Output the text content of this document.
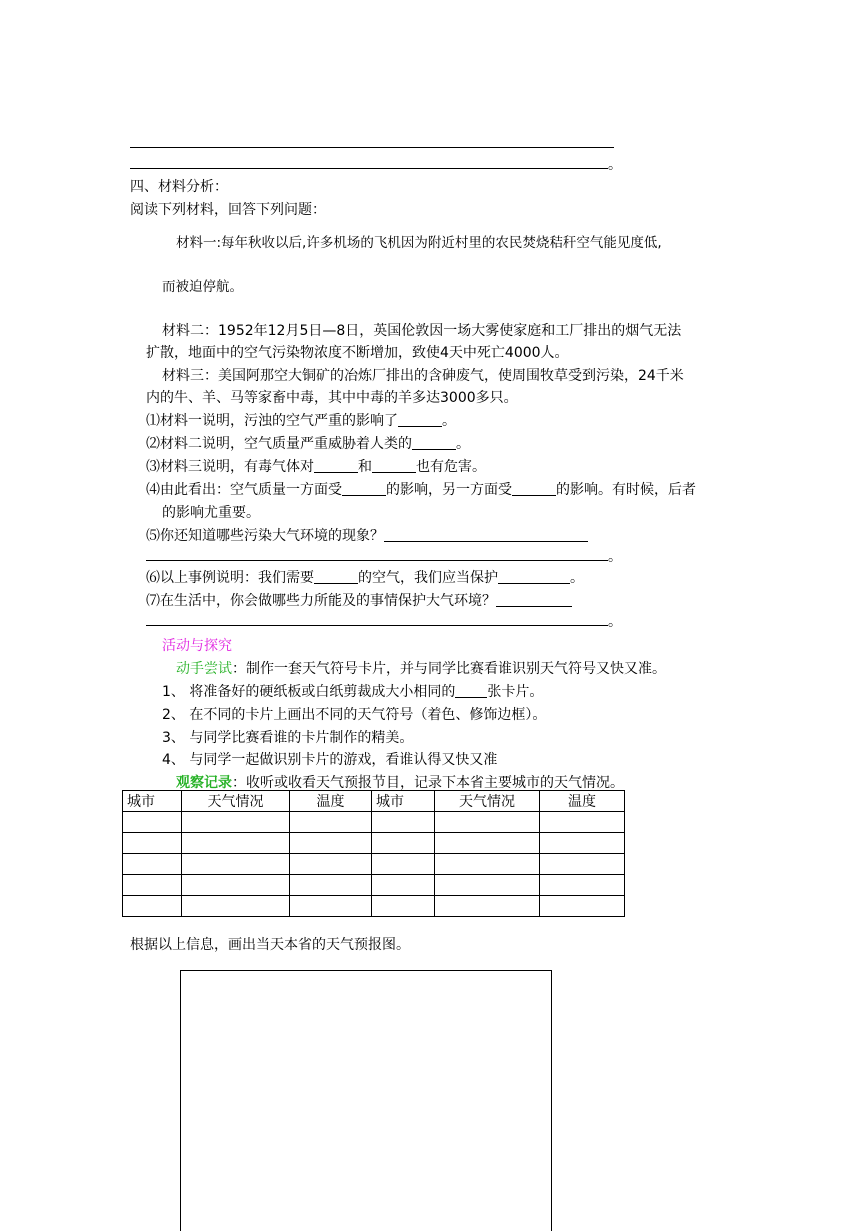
。
四、材料分析：
阅读下列材料，回答下列问题：
材料一:每年秋收以后,许多机场的飞机因为附近村里的农民焚烧秸秆空气能见度低,
而被迫停航。
材料二：1952年12月5日—8日，英国伦敦因一场大雾使家庭和工厂排出的烟气无法
扩散，地面中的空气污染物浓度不断增加，致使4天中死亡4000人。
材料三：美国阿那空大铜矿的冶炼厂排出的含砷废气，使周围牧草受到污染，24千米
内的牛、羊、马等家畜中毒，其中中毒的羊多达3000多只。
⑴材料一说明，污浊的空气严重的影响了	。
⑵材料二说明，空气质量严重威胁着人类的	。
⑶材料三说明，有毒气体对	和	也有危害。
⑷由此看出：空气质量一方面受	的影响，另一方面受	的影响。有时候，后者
的影响尤重要。
⑸你还知道哪些污染大气环境的现象？
。
⑹以上事例说明：我们需要	的空气，我们应当保护	。
⑺在生活中，你会做哪些力所能及的事情保护大气环境？
。
活动与探究
动手尝试：制作一套天气符号卡片，并与同学比赛看谁识别天气符号又快又准。
1、 将准备好的硬纸板或白纸剪裁成大小相同的 张卡片。
2、 在不同的卡片上画出不同的天气符号（着色、修饰边框）。
3、 与同学比赛看谁的卡片制作的精美。
4、 与同学一起做识别卡片的游戏，看谁认得又快又准
观察记录：收听或收看天气预报节目，记录下本省主要城市的天气情况。
城市	天气情况	温度	城市	天气情况	温度

根据以上信息，画出当天本省的天气预报图。
